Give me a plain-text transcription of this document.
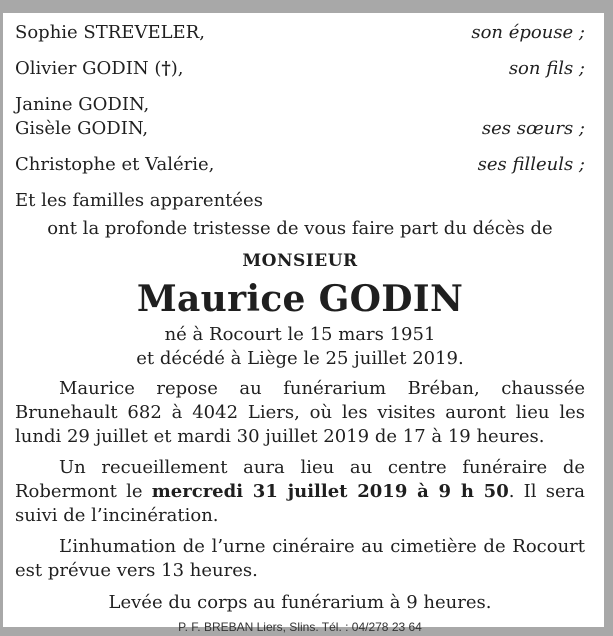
Sophie STREVELER,	son épouse ;
Olivier GODIN (†),	son fils ;
Janine GODIN,
Gisèle GODIN,	ses sœurs ;
Christophe et Valérie,	ses filleuls ;
Et les familles apparentées
ont la profonde tristesse de vous faire part du décès de
MONSIEUR
Maurice GODIN
né à Rocourt le 15 mars 1951
et décédé à Liège le 25 juillet 2019.
Maurice repose au funérarium Bréban, chaussée Brunehault 682 à 4042 Liers, où les visites auront lieu les lundi 29 juillet et mardi 30 juillet 2019 de 17 à 19 heures.
Un recueillement aura lieu au centre funéraire de Robermont le mercredi 31 juillet 2019 à 9 h 50. Il sera suivi de l’incinération.
L’inhumation de l’urne cinéraire au cimetière de Rocourt est prévue vers 13 heures.
Levée du corps au funérarium à 9 heures.
P. F. BREBAN Liers, Slins. Tél. : 04/278 23 64
